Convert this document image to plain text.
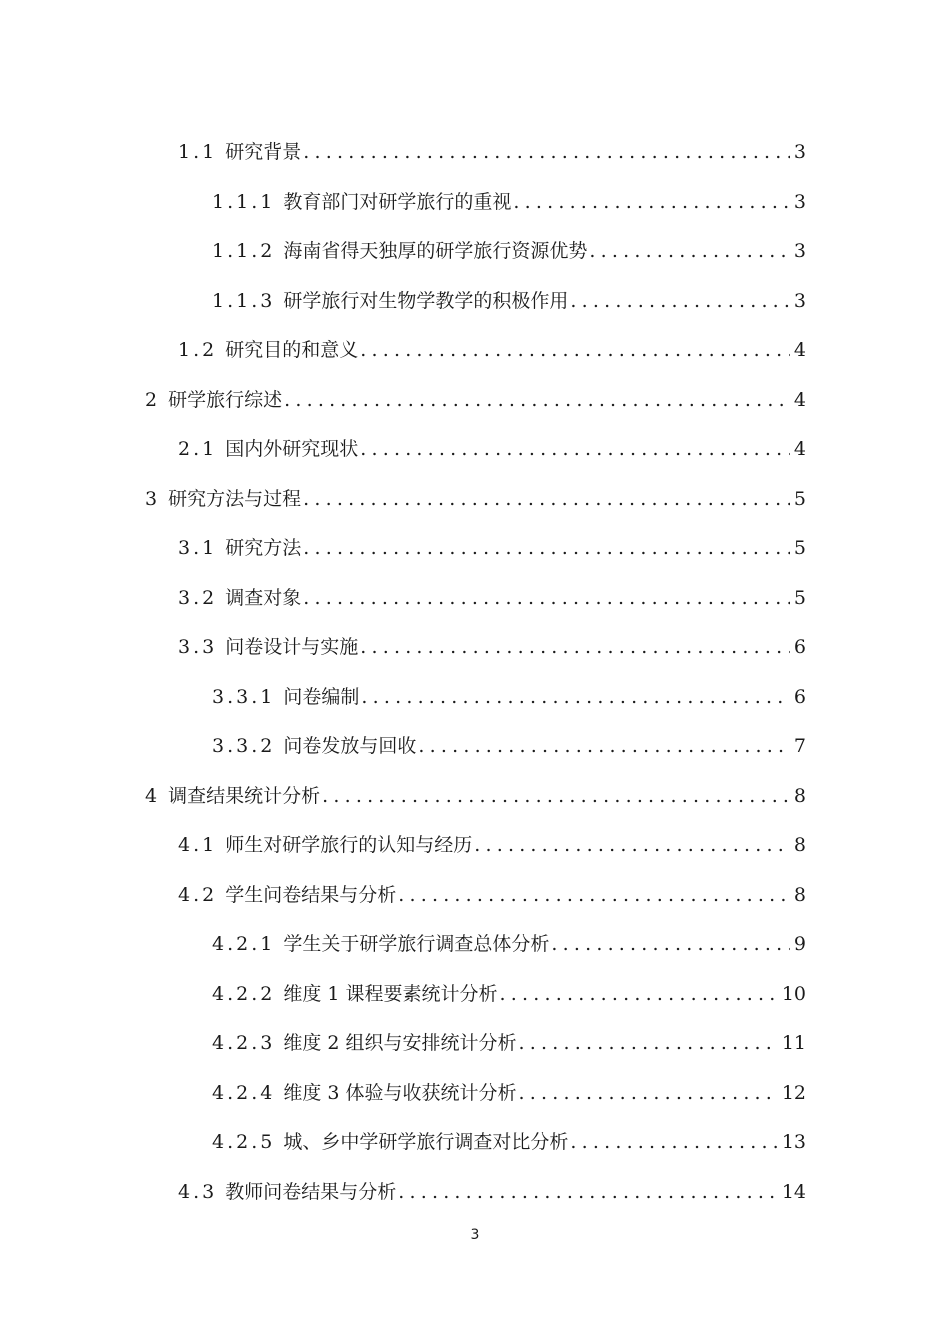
1.1 研究背景 .....	3
1.1.1 教育部门对研学旅行的重视 .....	3
1.1.2 海南省得天独厚的研学旅行资源优势 .....	3
1.1.3 研学旅行对生物学教学的积极作用 .....	3
1.2 研究目的和意义 .....	4
2 研学旅行综述 .....	4
2.1 国内外研究现状 .....	4
3 研究方法与过程 .....	5
3.1 研究方法 .....	5
3.2 调查对象 .....	5
3.3 问卷设计与实施 .....	6
3.3.1 问卷编制 .....	6
3.3.2 问卷发放与回收 .....	7
4 调查结果统计分析 .....	8
4.1 师生对研学旅行的认知与经历 .....	8
4.2 学生问卷结果与分析 .....	8
4.2.1 学生关于研学旅行调查总体分析 .....	9
4.2.2 维度 1 课程要素统计分析 .....	10
4.2.3 维度 2 组织与安排统计分析 .....	11
4.2.4 维度 3 体验与收获统计分析 .....	12
4.2.5 城、乡中学研学旅行调查对比分析 .....	13
4.3 教师问卷结果与分析 .....	14
3
